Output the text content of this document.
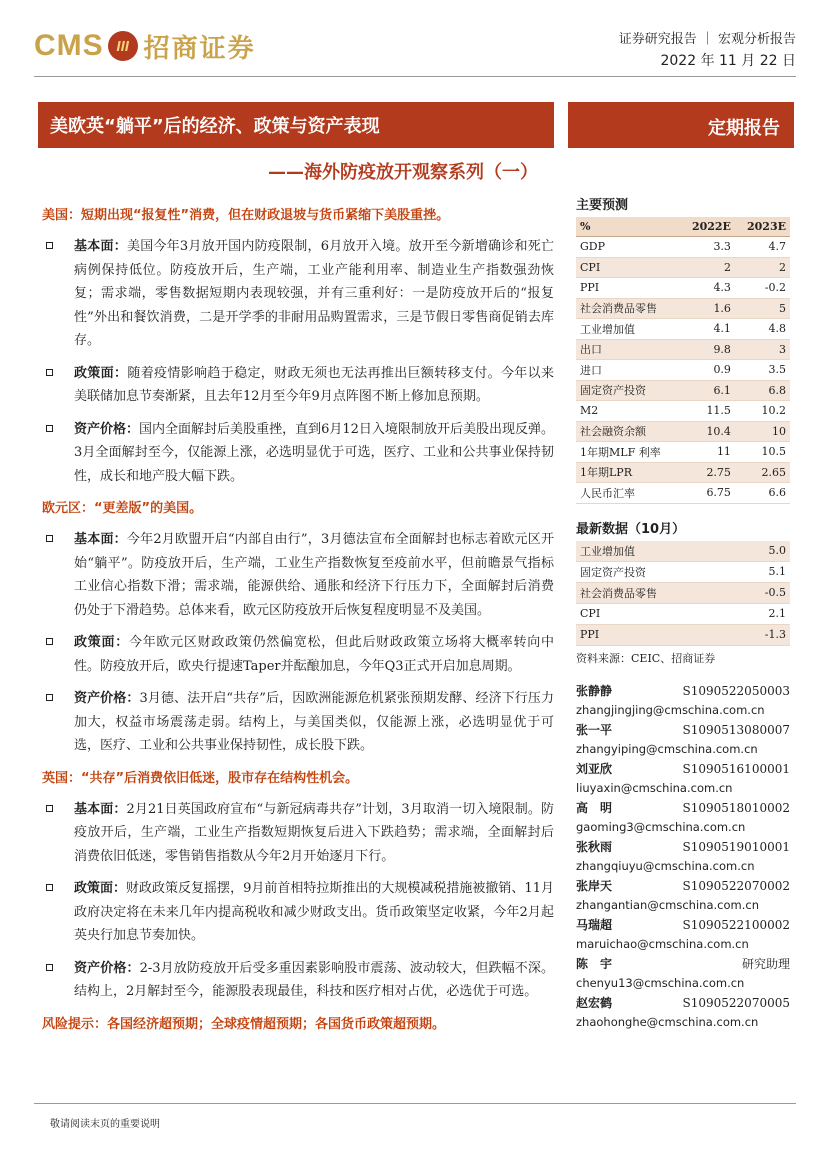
CMS III 招商证券	证券研究报告 ｜ 宏观分析报告
2022 年 11 月 22 日
美欧英“躺平”后的经济、政策与资产表现	定期报告
——海外防疫放开观察系列（一）
美国：短期出现“报复性”消费，但在财政退坡与货币紧缩下美股重挫。
基本面：美国今年3月放开国内防疫限制，6月放开入境。放开至今新增确诊和死亡病例保持低位。防疫放开后，生产端，工业产能利用率、制造业生产指数强劲恢复；需求端，零售数据短期内表现较强，并有三重利好：一是防疫放开后的“报复性”外出和餐饮消费，二是开学季的非耐用品购置需求，三是节假日零售商促销去库存。
政策面：随着疫情影响趋于稳定，财政无须也无法再推出巨额转移支付。今年以来美联储加息节奏渐紧，且去年12月至今年9月点阵图不断上修加息预期。
资产价格：国内全面解封后美股重挫，直到6月12日入境限制放开后美股出现反弹。3月全面解封至今，仅能源上涨，必选明显优于可选，医疗、工业和公共事业保持韧性，成长和地产股大幅下跌。
欧元区：“更差版”的美国。
基本面：今年2月欧盟开启“内部自由行”，3月德法宣布全面解封也标志着欧元区开始“躺平”。防疫放开后，生产端，工业生产指数恢复至疫前水平，但前瞻景气指标工业信心指数下滑；需求端，能源供给、通胀和经济下行压力下，全面解封后消费仍处于下滑趋势。总体来看，欧元区防疫放开后恢复程度明显不及美国。
政策面：今年欧元区财政政策仍然偏宽松，但此后财政政策立场将大概率转向中性。防疫放开后，欧央行提速Taper并酝酿加息，今年Q3正式开启加息周期。
资产价格：3月德、法开启“共存”后，因欧洲能源危机紧张预期发酵、经济下行压力加大，权益市场震荡走弱。结构上，与美国类似，仅能源上涨，必选明显优于可选，医疗、工业和公共事业保持韧性，成长股下跌。
英国：“共存”后消费依旧低迷，股市存在结构性机会。
基本面：2月21日英国政府宣布“与新冠病毒共存”计划，3月取消一切入境限制。防疫放开后，生产端，工业生产指数短期恢复后进入下跌趋势；需求端，全面解封后消费依旧低迷，零售销售指数从今年2月开始逐月下行。
政策面：财政政策反复摇摆，9月前首相特拉斯推出的大规模减税措施被撤销、11月政府决定将在未来几年内提高税收和减少财政支出。货币政策坚定收紧，今年2月起英央行加息节奏加快。
资产价格：2-3月放防疫放开后受多重因素影响股市震荡、波动较大，但跌幅不深。结构上，2月解封至今，能源股表现最佳，科技和医疗相对占优，必选优于可选。
风险提示：各国经济超预期；全球疫情超预期；各国货币政策超预期。
主要预测
%	2022E	2023E
GDP	3.3	4.7
CPI	2	2
PPI	4.3	-0.2
社会消费品零售	1.6	5
工业增加值	4.1	4.8
出口	9.8	3
进口	0.9	3.5
固定资产投资	6.1	6.8
M2	11.5	10.2
社会融资余额	10.4	10
1年期MLF 利率	11	10.5
1年期LPR	2.75	2.65
人民币汇率	6.75	6.6
最新数据（10月）
工业增加值	5.0
固定资产投资	5.1
社会消费品零售	-0.5
CPI	2.1
PPI	-1.3
资料来源：CEIC、招商证券
张静静	S1090522050003
zhangjingjing@cmschina.com.cn
张一平	S1090513080007
zhangyiping@cmschina.com.cn
刘亚欣	S1090516100001
liuyaxin@cmschina.com.cn
高　明	S1090518010002
gaoming3@cmschina.com.cn
张秋雨	S1090519010001
zhangqiuyu@cmschina.com.cn
张岸天	S1090522070002
zhangantian@cmschina.com.cn
马瑞超	S1090522100002
maruichao@cmschina.com.cn
陈　宇	研究助理
chenyu13@cmschina.com.cn
赵宏鹤	S1090522070005
zhaohonghe@cmschina.com.cn
敬请阅读末页的重要说明
